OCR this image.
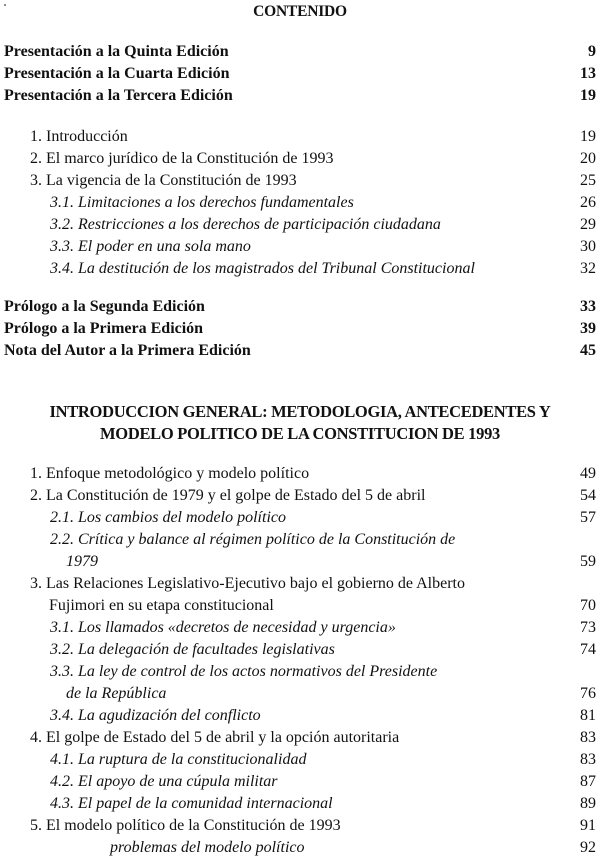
CONTENIDO
Presentación a la Quinta Edición	9
Presentación a la Cuarta Edición	13
Presentación a la Tercera Edición	19
1. Introducción	19
2. El marco jurídico de la Constitución de 1993	20
3. La vigencia de la Constitución de 1993	25
3.1. Limitaciones a los derechos fundamentales	26
3.2. Restricciones a los derechos de participación ciudadana	29
3.3. El poder en una sola mano	30
3.4. La destitución de los magistrados del Tribunal Constitucional	32
Prólogo a la Segunda Edición	33
Prólogo a la Primera Edición	39
Nota del Autor a la Primera Edición	45
INTRODUCCION GENERAL: METODOLOGIA, ANTECEDENTES Y
MODELO POLITICO DE LA CONSTITUCION DE 1993
1. Enfoque metodológico y modelo político	49
2. La Constitución de 1979 y el golpe de Estado del 5 de abril	54
2.1. Los cambios del modelo político	57
2.2. Crítica y balance al régimen político de la Constitución de
1979	59
3. Las Relaciones Legislativo-Ejecutivo bajo el gobierno de Alberto
Fujimori en su etapa constitucional	70
3.1. Los llamados «decretos de necesidad y urgencia»	73
3.2. La delegación de facultades legislativas	74
3.3. La ley de control de los actos normativos del Presidente
de la República	76
3.4. La agudización del conflicto	81
4. El golpe de Estado del 5 de abril y la opción autoritaria	83
4.1. La ruptura de la constitucionalidad	83
4.2. El apoyo de una cúpula militar	87
4.3. El papel de la comunidad internacional	89
5. El modelo político de la Constitución de 1993	91
problemas del modelo político	92
